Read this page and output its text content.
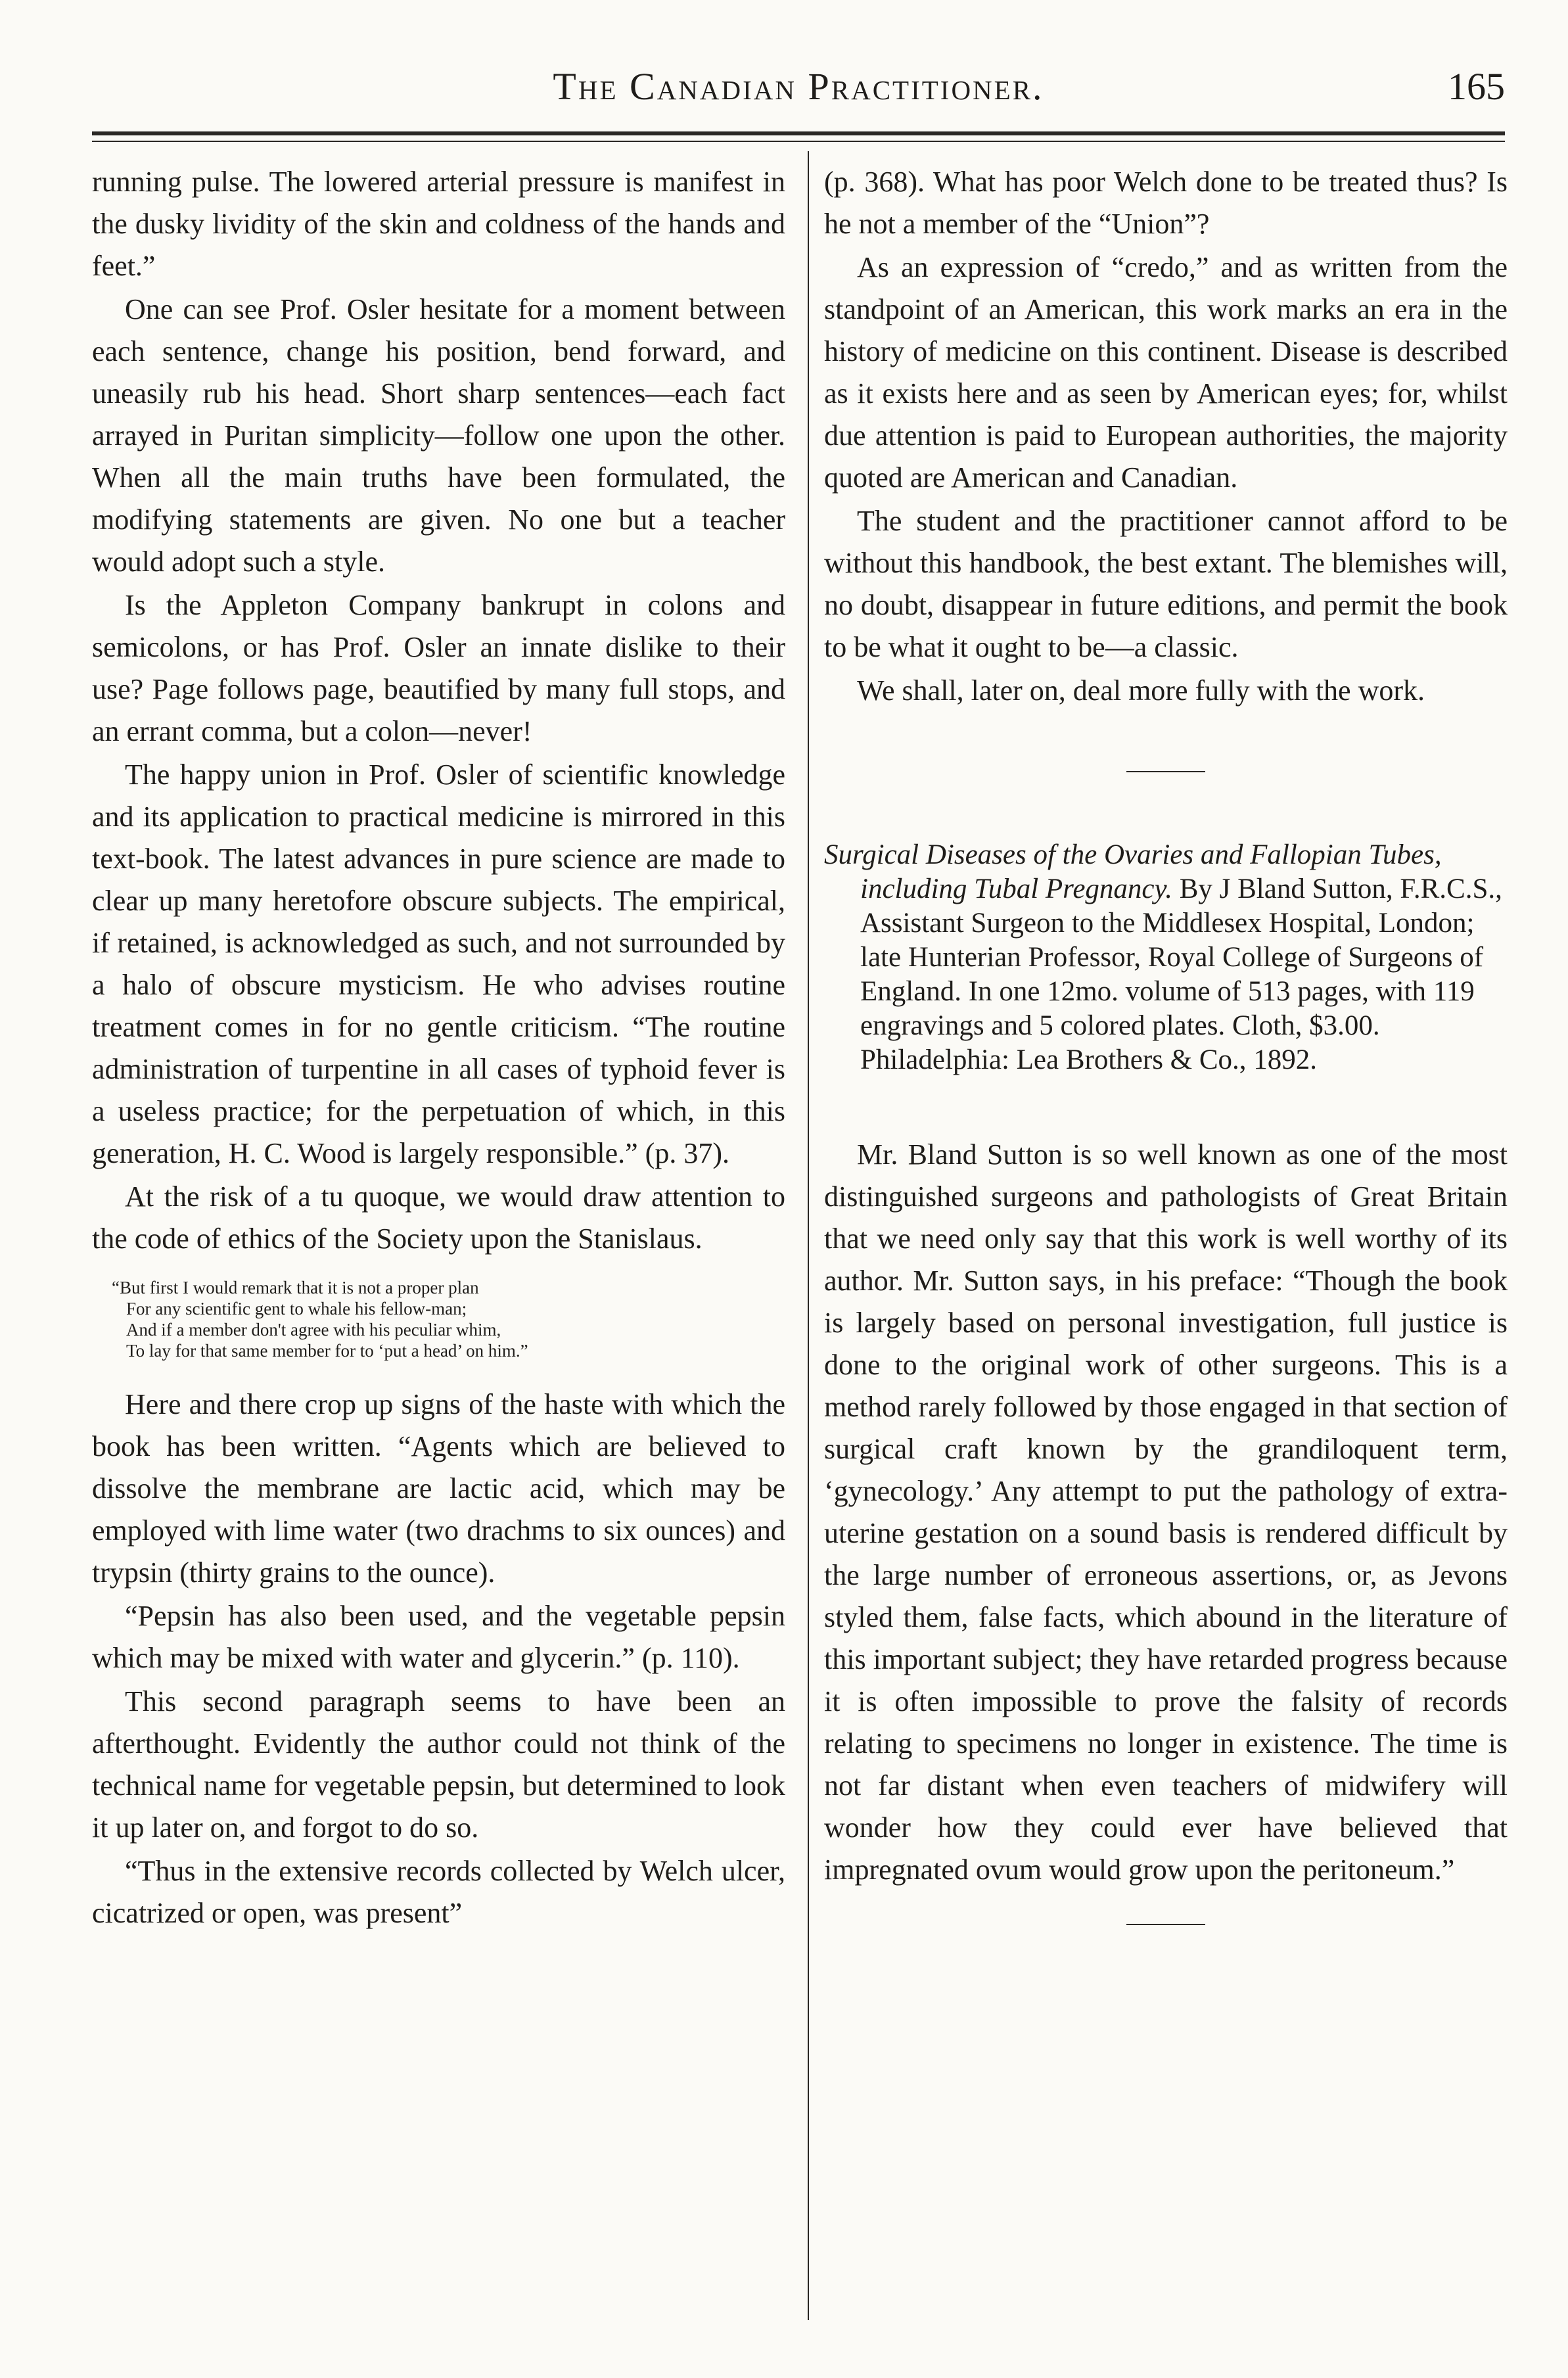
The Canadian Practitioner.	165

running pulse. The lowered arterial pressure is manifest in the dusky lividity of the skin and coldness of the hands and feet.”

One can see Prof. Osler hesitate for a moment between each sentence, change his position, bend forward, and uneasily rub his head. Short sharp sentences—each fact arrayed in Puritan simplicity—follow one upon the other. When all the main truths have been formulated, the modifying statements are given. No one but a teacher would adopt such a style.

Is the Appleton Company bankrupt in colons and semicolons, or has Prof. Osler an innate dislike to their use? Page follows page, beautified by many full stops, and an errant comma, but a colon—never!

The happy union in Prof. Osler of scientific knowledge and its application to practical medicine is mirrored in this text-book. The latest advances in pure science are made to clear up many heretofore obscure subjects. The empirical, if retained, is acknowledged as such, and not surrounded by a halo of obscure mysticism. He who advises routine treatment comes in for no gentle criticism. “The routine administration of turpentine in all cases of typhoid fever is a useless practice; for the perpetuation of which, in this generation, H. C. Wood is largely responsible.” (p. 37).

At the risk of a tu quoque, we would draw attention to the code of ethics of the Society upon the Stanislaus.

“But first I would remark that it is not a proper plan
For any scientific gent to whale his fellow-man;
And if a member don't agree with his peculiar whim,
To lay for that same member for to ‘put a head’ on him.”

Here and there crop up signs of the haste with which the book has been written. “Agents which are believed to dissolve the membrane are lactic acid, which may be employed with lime water (two drachms to six ounces) and trypsin (thirty grains to the ounce).

“Pepsin has also been used, and the vegetable pepsin which may be mixed with water and glycerin.” (p. 110).

This second paragraph seems to have been an afterthought. Evidently the author could not think of the technical name for vegetable pepsin, but determined to look it up later on, and forgot to do so.

“Thus in the extensive records collected by Welch ulcer, cicatrized or open, was present”

(p. 368). What has poor Welch done to be treated thus? Is he not a member of the “Union”?

As an expression of “credo,” and as written from the standpoint of an American, this work marks an era in the history of medicine on this continent. Disease is described as it exists here and as seen by American eyes; for, whilst due attention is paid to European authorities, the majority quoted are American and Canadian.

The student and the practitioner cannot afford to be without this handbook, the best extant. The blemishes will, no doubt, disappear in future editions, and permit the book to be what it ought to be—a classic.

We shall, later on, deal more fully with the work.

Surgical Diseases of the Ovaries and Fallopian Tubes, including Tubal Pregnancy. By J Bland Sutton, F.R.C.S., Assistant Surgeon to the Middlesex Hospital, London; late Hunterian Professor, Royal College of Surgeons of England. In one 12mo. volume of 513 pages, with 119 engravings and 5 colored plates. Cloth, $3.00. Philadelphia: Lea Brothers & Co., 1892.

Mr. Bland Sutton is so well known as one of the most distinguished surgeons and pathologists of Great Britain that we need only say that this work is well worthy of its author. Mr. Sutton says, in his preface: “Though the book is largely based on personal investigation, full justice is done to the original work of other surgeons. This is a method rarely followed by those engaged in that section of surgical craft known by the grandiloquent term, ‘gynecology.’ Any attempt to put the pathology of extra-uterine gestation on a sound basis is rendered difficult by the large number of erroneous assertions, or, as Jevons styled them, false facts, which abound in the literature of this important subject; they have retarded progress because it is often impossible to prove the falsity of records relating to specimens no longer in existence. The time is not far distant when even teachers of midwifery will wonder how they could ever have believed that impregnated ovum would grow upon the peritoneum.”
